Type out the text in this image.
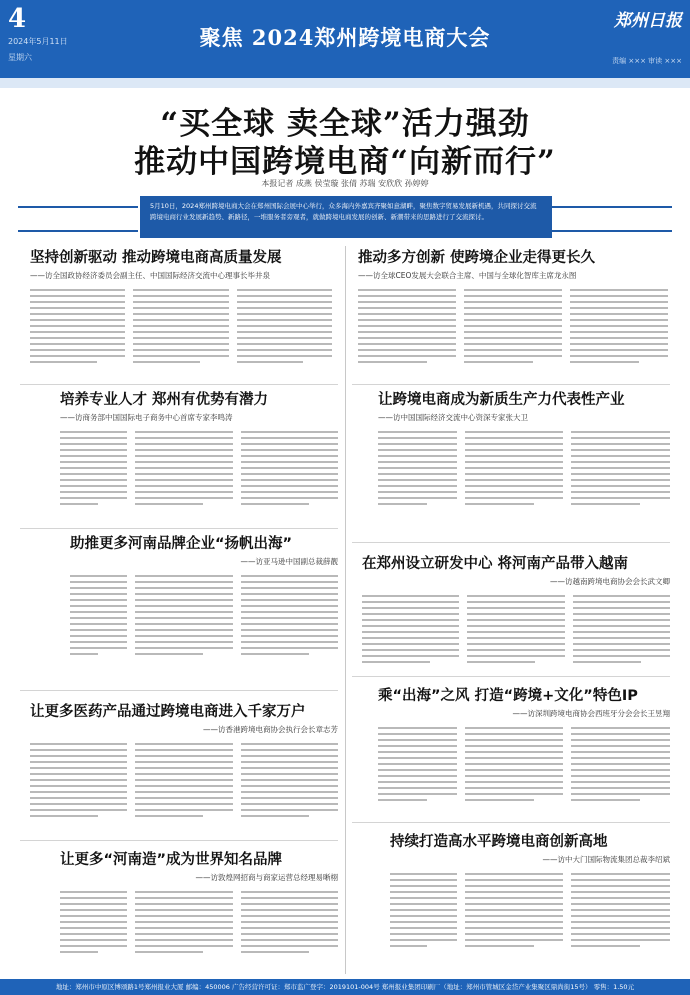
4
2024年5月11日
星期六
聚焦 2024郑州跨境电商大会
郑州日报
责编 ××× 审读 ×××
“买全球 卖全球”活力强劲
推动中国跨境电商“向新而行”
本报记者 成燕 侯莹璇 张倩 苏瑞 安欣欣 孙婷婷
5月10日，2024郑州跨境电商大会在郑州国际会展中心举行，众多海内外嘉宾齐聚如意湖畔，聚焦数字贸易发展新机遇，共同探讨交流跨境电商行业发展新趋势、新路径，一堆服务者旁观者，就做跨境电商发展的创新、新潮带来的思路进行了交流探讨。
坚持创新驱动 推动跨境电商高质量发展
——访全国政协经济委员会副主任、中国国际经济交流中心理事长毕井泉
推动多方创新 使跨境企业走得更长久
——访全球CEO发展大会联合主席、中国与全球化智库主席龙永图
培养专业人才 郑州有优势有潜力
——访商务部中国国际电子商务中心首席专家李鸣涛
让跨境电商成为新质生产力代表性产业
——访中国国际经济交流中心资深专家张大卫
助推更多河南品牌企业“扬帆出海”
——访亚马逊中国副总裁薛靓 在郑州设立研发中心 将河南产品带入越南
——访越南跨境电商协会会长武文卿
让更多医药产品通过跨境电商进入千家万户
——访香港跨境电商协会执行会长章志芳
乘“出海”之风 打造“跨境+文化”特色IP
——访深圳跨境电商协会西班牙分会会长王昱翔
让更多“河南造”成为世界知名品牌
——访敦煌网招商与商家运营总经理易晰栩
持续打造高水平跨境电商创新高地
——访中大门国际物流集团总裁李绍斌
地址：郑州市中原区博颂路1号郑州报业大厦 邮编：450006 广告经营许可证：郑市监广登字：2019101-004号 郑州报业集团印刷厂（地址：郑州市管城区金岱产业集聚区鼎尚街15号） 零售：1.50元
